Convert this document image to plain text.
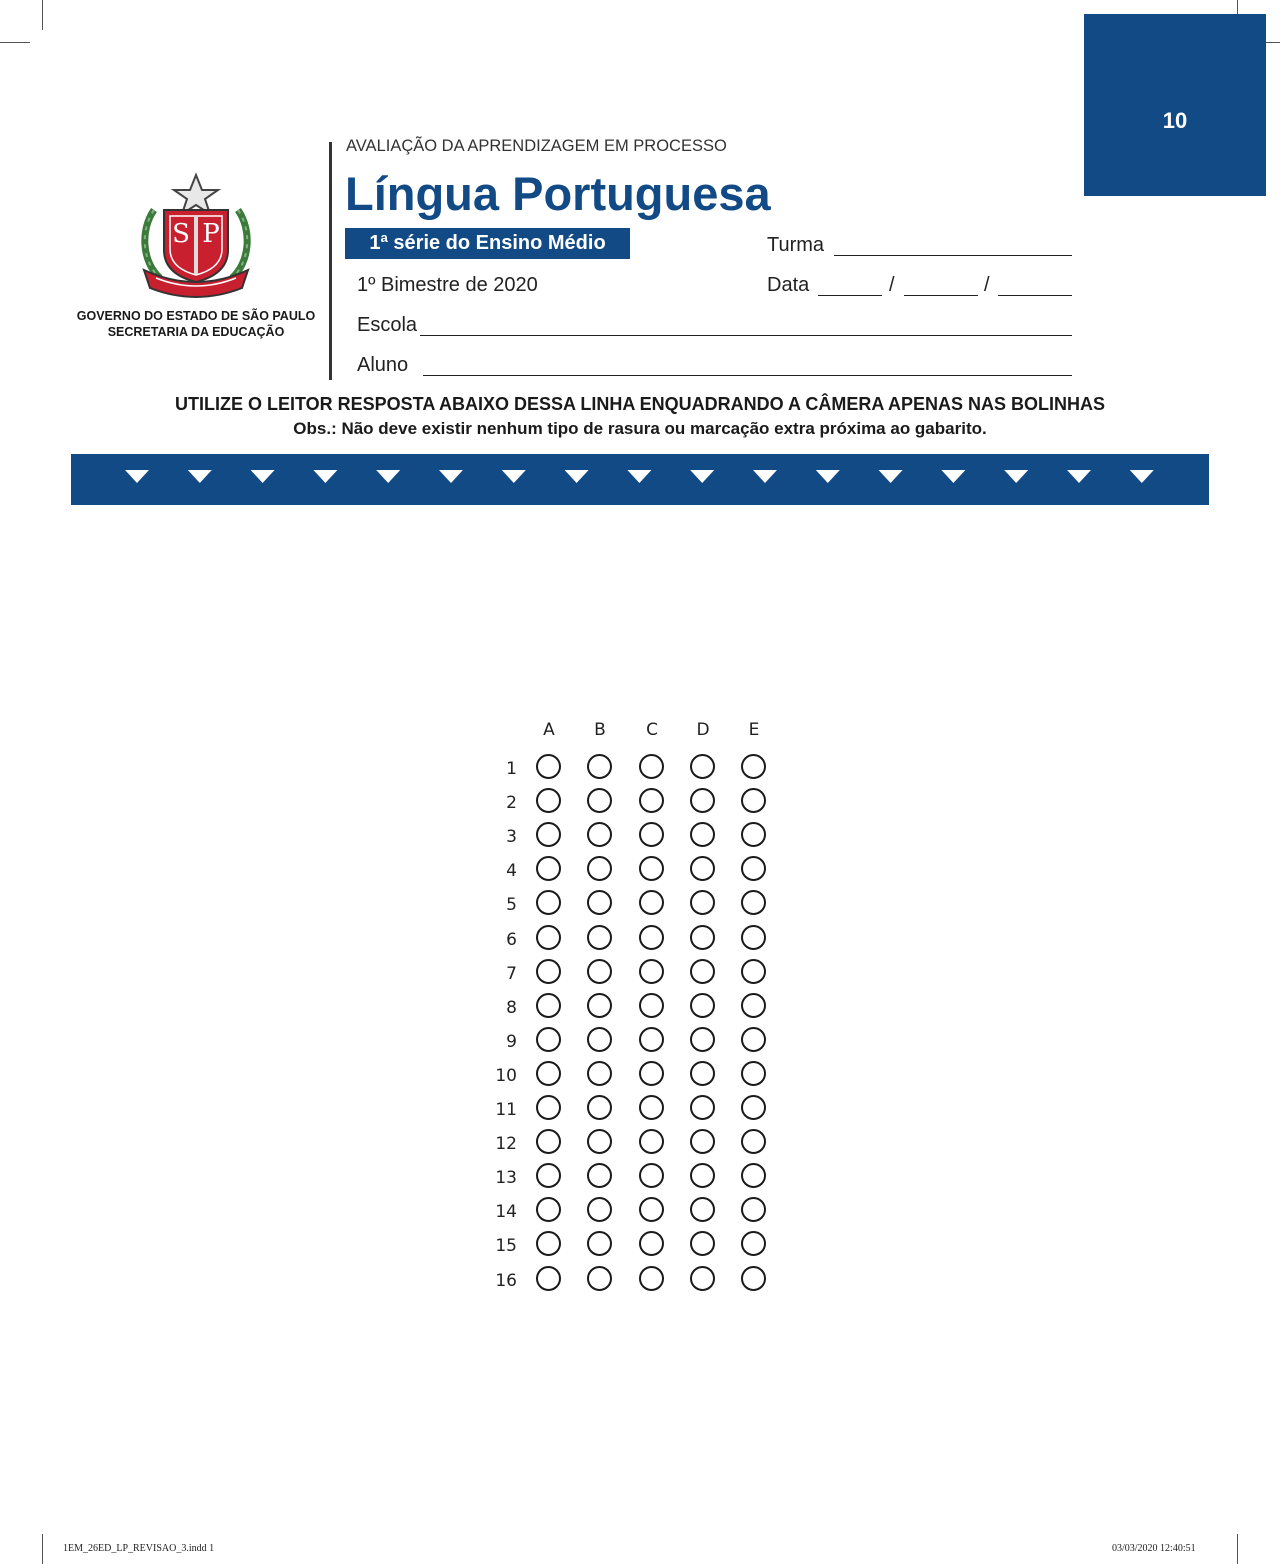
10
S P
GOVERNO DO ESTADO DE SÃO PAULO
SECRETARIA DA EDUCAÇÃO
AVALIAÇÃO DA APRENDIZAGEM EM PROCESSO
Língua Portuguesa
1ª série do Ensino Médio	Turma
1º Bimestre de 2020	Data	/	/
Escola
Aluno
UTILIZE O LEITOR RESPOSTA ABAIXO DESSA LINHA ENQUADRANDO A CÂMERA APENAS NAS BOLINHAS
Obs.: Não deve existir nenhum tipo de rasura ou marcação extra próxima ao gabarito.
A	B	C	D	E
1
2
3
4
5
6
7
8
9
10
11
12
13
14
15
16
1EM_26ED_LP_REVISAO_3.indd 1	03/03/2020 12:40:51
